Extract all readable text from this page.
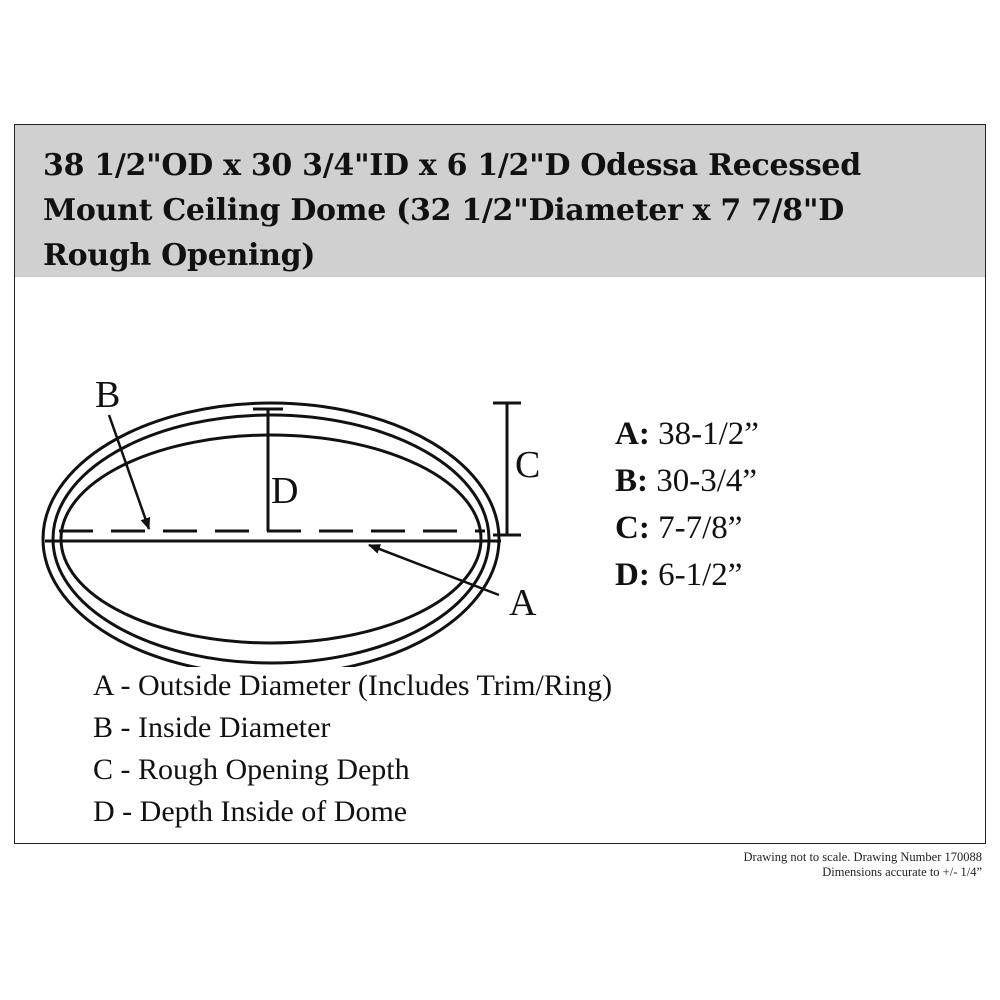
38 1/2"OD x 30 3/4"ID x 6 1/2"D Odessa Recessed Mount Ceiling Dome (32 1/2"Diameter x 7 7/8"D Rough Opening)
B
D
C
A
A: 38-1/2”
B: 30-3/4”
C: 7-7/8”
D: 6-1/2”
A - Outside Diameter (Includes Trim/Ring)
B - Inside Diameter
C - Rough Opening Depth
D - Depth Inside of Dome
Drawing not to scale. Drawing Number 170088
Dimensions accurate to +/- 1/4”
